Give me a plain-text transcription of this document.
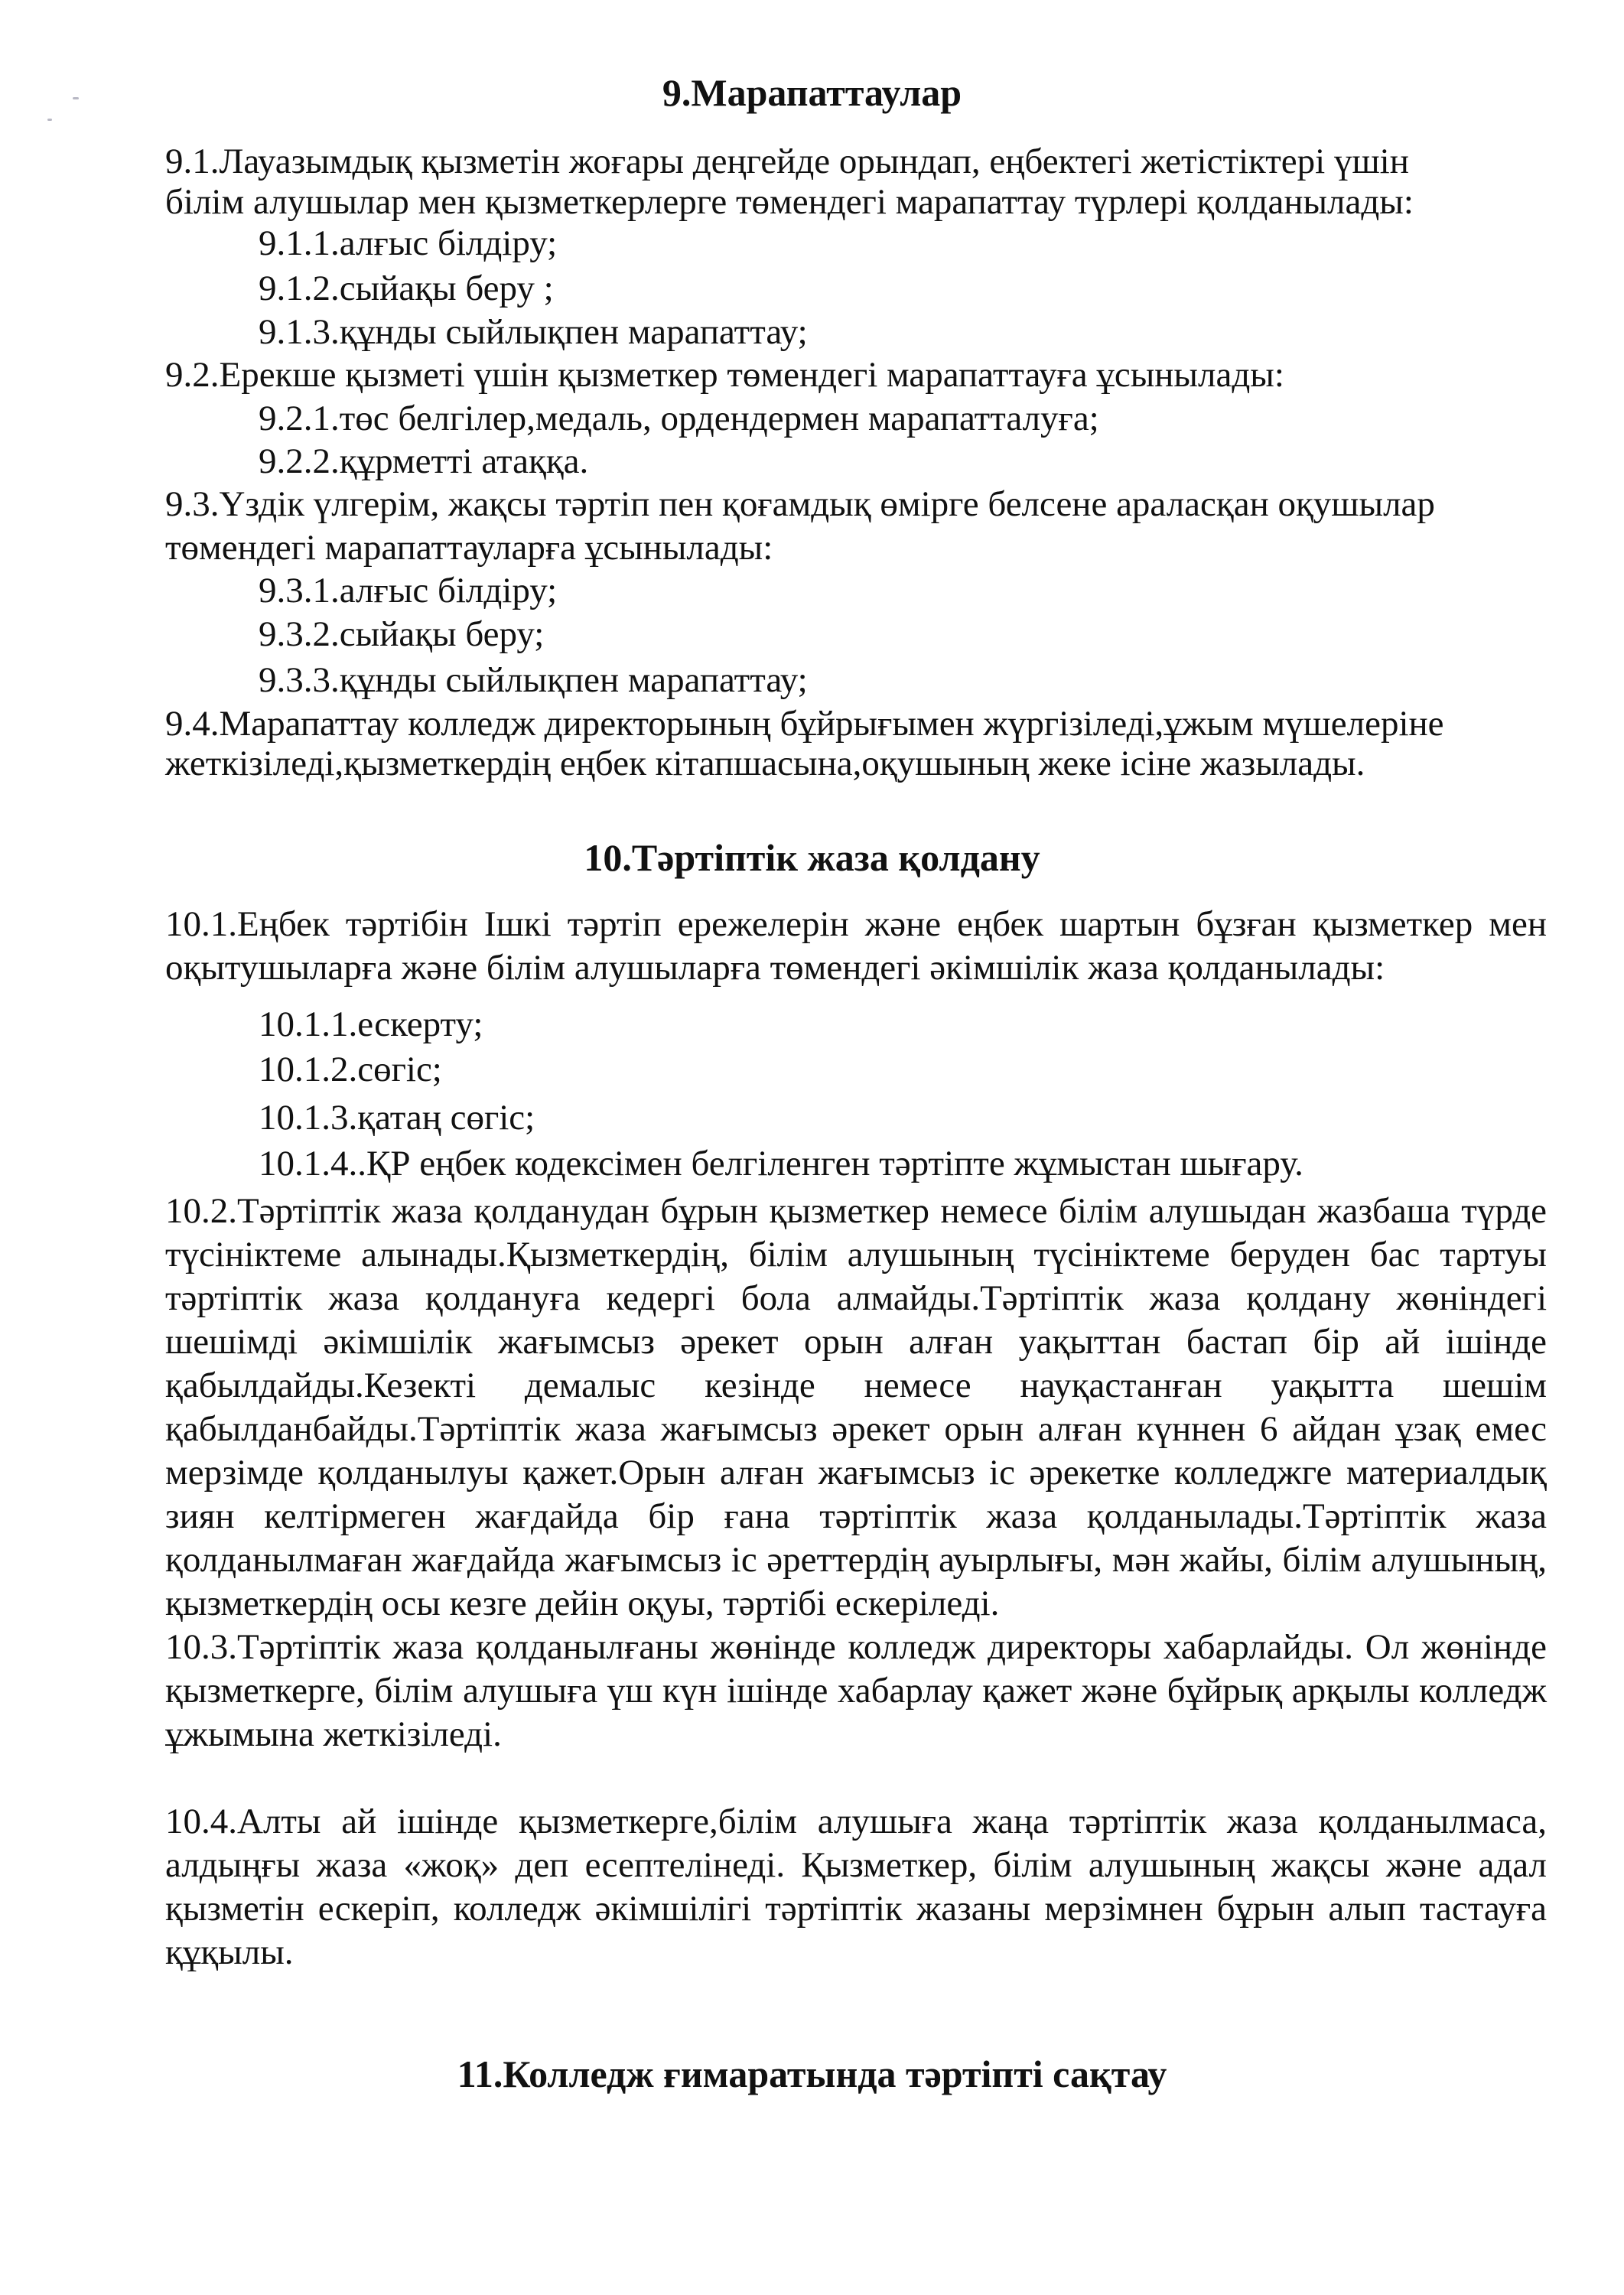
9.Марапаттаулар

9.1.Лауазымдық қызметін жоғары деңгейде орындап, еңбектегі жетістіктері үшін

білім алушылар мен қызметкерлерге төмендегі марапаттау түрлері қолданылады:

9.1.1.алғыс білдіру;

9.1.2.сыйақы беру ;

9.1.3.құнды сыйлықпен марапаттау;

9.2.Ерекше қызметі үшін қызметкер төмендегі марапаттауға ұсынылады:

9.2.1.төс белгілер,медаль, ордендермен марапатталуға;

9.2.2.құрметті атаққа.

9.3.Үздік үлгерім, жақсы тәртіп пен қоғамдық өмірге белсене араласқан оқушылар

төмендегі марапаттауларға ұсынылады:

9.3.1.алғыс білдіру;

9.3.2.сыйақы беру;

9.3.3.құнды сыйлықпен марапаттау;

9.4.Марапаттау колледж директорының бұйрығымен жүргізіледі,ұжым мүшелеріне

жеткізіледі,қызметкердің еңбек кітапшасына,оқушының жеке ісіне жазылады.

10.Тәртіптік жаза қолдану

10.1.Еңбек тәртібін Ішкі тәртіп ережелерін және еңбек шартын бұзған қызметкер мен оқытушыларға және білім алушыларға төмендегі әкімшілік жаза қолданылады:

10.1.1.ескерту;

10.1.2.сөгіс;

10.1.3.қатаң сөгіс;

10.1.4..ҚР еңбек кодексімен белгіленген тәртіпте жұмыстан шығару.

10.2.Тәртіптік жаза қолданудан бұрын қызметкер немесе білім алушыдан жазбаша түрде түсініктеме алынады.Қызметкердің, білім алушының түсініктеме беруден бас тартуы тәртіптік жаза қолдануға кедергі бола алмайды.Тәртіптік жаза қолдану жөніндегі шешімді әкімшілік жағымсыз әрекет орын алған уақыттан бастап бір ай ішінде қабылдайды.Кезекті демалыс кезінде немесе науқастанған уақытта шешім қабылданбайды.Тәртіптік жаза жағымсыз әрекет орын алған күннен 6 айдан ұзақ емес мерзімде қолданылуы қажет.Орын алған жағымсыз іс әрекетке колледжге материалдық зиян келтірмеген жағдайда бір ғана тәртіптік жаза қолданылады.Тәртіптік жаза қолданылмаған жағдайда жағымсыз іс әреттердің ауырлығы, мән жайы, білім алушының, қызметкердің осы кезге дейін оқуы, тәртібі ескеріледі.

10.3.Тәртіптік жаза қолданылғаны жөнінде колледж директоры хабарлайды. Ол жөнінде қызметкерге, білім алушыға үш күн ішінде хабарлау қажет және бұйрық арқылы колледж ұжымына жеткізіледі.

10.4.Алты ай ішінде қызметкерге,білім алушыға жаңа тәртіптік жаза қолданылмаса, алдыңғы жаза «жоқ» деп есептелінеді. Қызметкер, білім алушының жақсы және адал қызметін ескеріп, колледж әкімшілігі тәртіптік жазаны мерзімнен бұрын алып тастауға құқылы.

11.Колледж ғимаратында тәртіпті сақтау
